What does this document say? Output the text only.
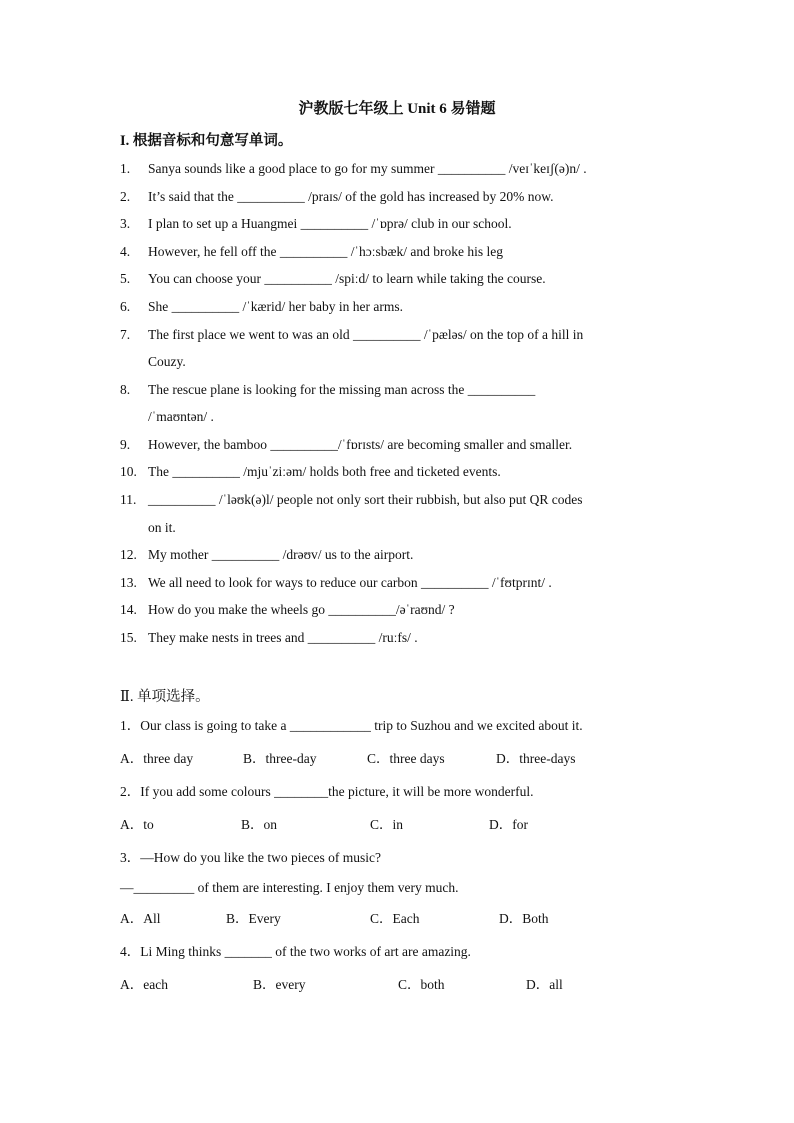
沪教版七年级上 Unit 6 易错题
I. 根据音标和句意写单词。
1. Sanya sounds like a good place to go for my summer __________ /veɪˈkeɪʃ(ə)n/ .
2. It’s said that the __________ /praɪs/ of the gold has increased by 20% now.
3. I plan to set up a Huangmei __________ /ˈɒprə/ club in our school.
4. However, he fell off the __________ /ˈhɔːsbæk/ and broke his leg
5. You can choose your __________ /spiːd/ to learn while taking the course.
6. She __________ /ˈkærid/ her baby in her arms.
7. The first place we went to was an old __________ /ˈpæləs/ on the top of a hill in
Couzy.
8. The rescue plane is looking for the missing man across the __________
/ˈmaʊntən/ .
9. However, the bamboo __________/ˈfɒrɪsts/ are becoming smaller and smaller.
10. The __________ /mjuˈziːəm/ holds both free and ticketed events.
11. __________ /ˈləʊk(ə)l/ people not only sort their rubbish, but also put QR codes
on it.
12. My mother __________ /drəʊv/ us to the airport.
13. We all need to look for ways to reduce our carbon __________ /ˈfʊtprɪnt/ .
14. How do you make the wheels go __________/əˈraʊnd/ ?
15. They make nests in trees and __________ /ruːfs/ .
Ⅱ. 单项选择。
1．Our class is going to take a ____________ trip to Suzhou and we excited about it.
A．three day	B．three-day	C．three days	D．three-days
2．If you add some colours ________the picture, it will be more wonderful.
A．to	B．on	C．in	D．for
3．—How do you like the two pieces of music?
—_________ of them are interesting. I enjoy them very much.
A．All	B．Every	C．Each	D．Both
4．Li Ming thinks _______ of the two works of art are amazing.
A．each	B．every	C．both	D．all
